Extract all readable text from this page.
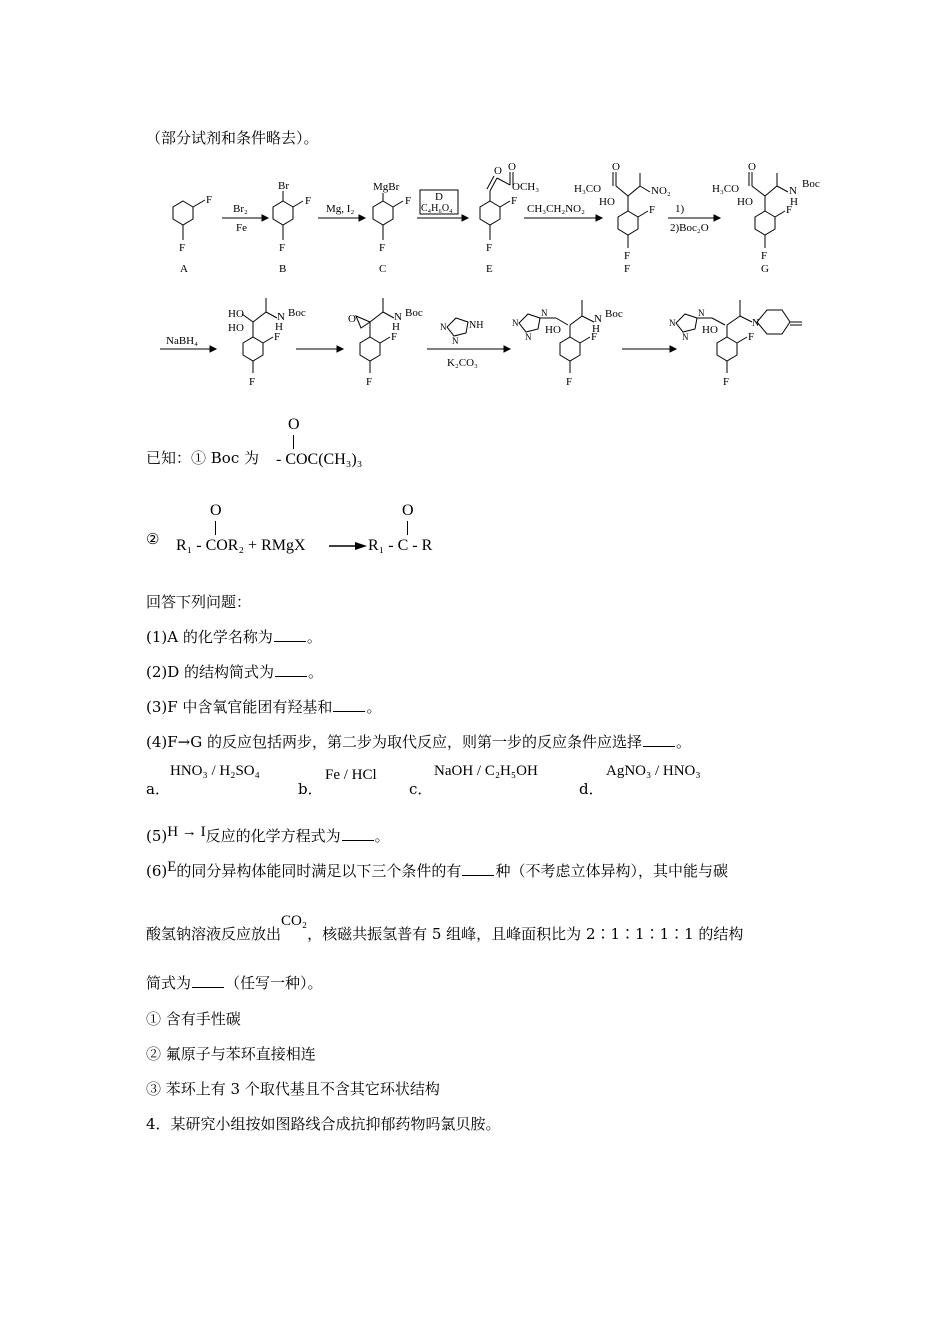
（部分试剂和条件略去）。
A	B	C	E	F	G
F
F
Br₂
Fe
Br
F
F
Mg, I₂
MgBr
F
F
D
C₄H₆O₄
O O
OCH₃
F
F
CH₃CH₂NO₂
O
H₃CO
HO
NO₂
F
F
1)
2)Boc₂O
O
H₃CO
HO
N
H
Boc
F
F
NaBH₄
HO
HO
N
H
Boc
F
F
O	N
H
Boc
F
F
N NH
N
K₂CO₃
N
N
N
HO
N
H
Boc
F
F
N
N
N
HO
N
F
F
已知：① Boc 为
O
- COC(CH₃)₃
②
O
R₁ - COR₂ + RMgX →
O
R₁ - C - R
回答下列问题：
(1)A 的化学名称为 。
(2)D 的结构简式为 。
(3)F 中含氧官能团有羟基和 。
(4)F→G 的反应包括两步，第二步为取代反应，则第一步的反应条件应选择 。
a．
HNO₃ / H₂SO₄
b．
Fe / HCl
c．
NaOH / C₂H₅OH
d．
AgNO₃ / HNO₃
(5)H → I反应的化学方程式为 。
(6)E的同分异构体能同时满足以下三个条件的有 种（不考虑立体异构），其中能与碳
酸氢钠溶液反应放出CO₂，核磁共振氢普有 5 组峰，且峰面积比为 2∶1∶1∶1∶1 的结构
简式为 （任写一种）。
① 含有手性碳
② 氟原子与苯环直接相连
③ 苯环上有 3 个取代基且不含其它环状结构
4．某研究小组按如图路线合成抗抑郁药物吗氯贝胺。
